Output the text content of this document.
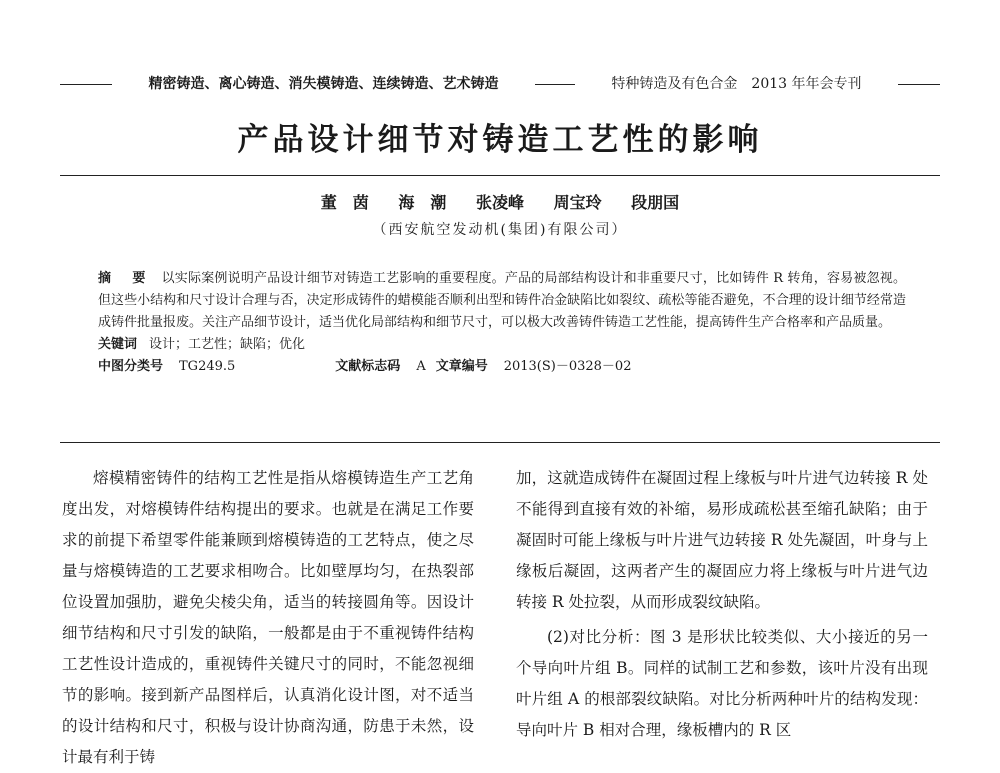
精密铸造、离心铸造、消失模铸造、连续铸造、艺术铸造	特种铸造及有色合金　2013 年年会专刊
产品设计细节对铸造工艺性的影响
董　茵 海　潮 张凌峰 周宝玲 段朋国
（西安航空发动机(集团)有限公司）
摘　要 以实际案例说明产品设计细节对铸造工艺影响的重要程度。产品的局部结构设计和非重要尺寸，比如铸件 R 转角，容易被忽视。但这些小结构和尺寸设计合理与否，决定形成铸件的蜡模能否顺利出型和铸件冶金缺陷比如裂纹、疏松等能否避免，不合理的设计细节经常造成铸件批量报废。关注产品细节设计，适当优化局部结构和细节尺寸，可以极大改善铸件铸造工艺性能，提高铸件生产合格率和产品质量。
关键词 设计；工艺性；缺陷；优化
中图分类号 TG249.5	文献标志码 A 文章编号 2013(S)－0328－02

熔模精密铸件的结构工艺性是指从熔模铸造生产工艺角度出发，对熔模铸件结构提出的要求。也就是在满足工作要求的前提下希望零件能兼顾到熔模铸造的工艺特点，使之尽量与熔模铸造的工艺要求相吻合。比如壁厚均匀，在热裂部位设置加强肋，避免尖棱尖角，适当的转接圆角等。因设计细节结构和尺寸引发的缺陷，一般都是由于不重视铸件结构工艺性设计造成的，重视铸件关键尺寸的同时，不能忽视细节的影响。接到新产品图样后，认真消化设计图，对不适当的设计结构和尺寸，积极与设计协商沟通，防患于未然，设计最有利于铸

加，这就造成铸件在凝固过程上缘板与叶片进气边转接 R 处不能得到直接有效的补缩，易形成疏松甚至缩孔缺陷；由于凝固时可能上缘板与叶片进气边转接 R 处先凝固，叶身与上缘板后凝固，这两者产生的凝固应力将上缘板与叶片进气边转接 R 处拉裂，从而形成裂纹缺陷。

(2)对比分析：图 3 是形状比较类似、大小接近的另一个导向叶片组 B。同样的试制工艺和参数，该叶片没有出现叶片组 A 的根部裂纹缺陷。对比分析两种叶片的结构发现：导向叶片 B 相对合理，缘板槽内的 R 区
